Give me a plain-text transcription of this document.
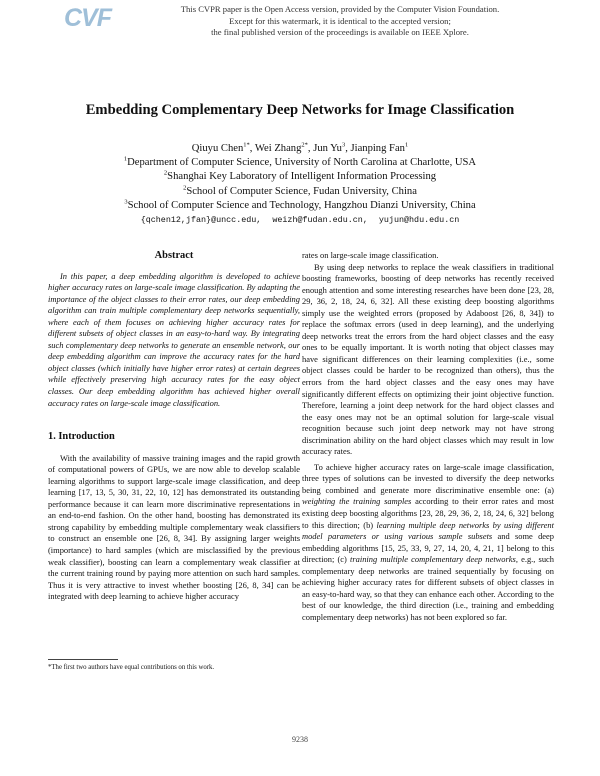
CVF	This CVPR paper is the Open Access version, provided by the Computer Vision Foundation.
Except for this watermark, it is identical to the accepted version;
the final published version of the proceedings is available on IEEE Xplore.
Embedding Complementary Deep Networks for Image Classification
Qiuyu Chen$^{1*}$, Wei Zhang$^{2*}$, Jun Yu$^3$, Jianping Fan$^1$
$^1$Department of Computer Science, University of North Carolina at Charlotte, USA
$^2$Shanghai Key Laboratory of Intelligent Information Processing
$^2$School of Computer Science, Fudan University, China
$^3$School of Computer Science and Technology, Hangzhou Dianzi University, China
{qchen12,jfan}@uncc.edu, weizh@fudan.edu.cn, yujun@hdu.edu.cn
Abstract

In this paper, a deep embedding algorithm is developed to achieve higher accuracy rates on large-scale image classification. By adapting the importance of the object classes to their error rates, our deep embedding algorithm can train multiple complementary deep networks sequentially, where each of them focuses on achieving higher accuracy rates for different subsets of object classes in an easy-to-hard way. By integrating such complementary deep networks to generate an ensemble network, our deep embedding algorithm can improve the accuracy rates for the hard object classes (which initially have higher error rates) at certain degrees while effectively preserving high accuracy rates for the easy object classes. Our deep embedding algorithm has achieved higher overall accuracy rates on large-scale image classification.

1. Introduction

With the availability of massive training images and the rapid growth of computational powers of GPUs, we are now able to develop scalable learning algorithms to support large-scale image classification, and deep learning [17, 13, 5, 30, 31, 22, 10, 12] has demonstrated its outstanding performance because it can learn more discriminative representations in an end-to-end fashion. On the other hand, boosting has demonstrated its strong capability by embedding multiple complementary weak classifiers to construct an ensemble one [26, 8, 34]. By assigning larger weights (importance) to hard samples (which are misclassified by the previous weak classifier), boosting can learn a complementary weak classifier at the current training round by paying more attention on such hard samples. Thus it is very attractive to invest whether boosting [26, 8, 34] can be integrated with deep learning to achieve higher accuracy

rates on large-scale image classification.

By using deep networks to replace the weak classifiers in traditional boosting frameworks, boosting of deep networks has recently received enough attention and some interesting researches have been done [23, 28, 29, 36, 2, 18, 24, 6, 32]. All these existing deep boosting algorithms simply use the weighted errors (proposed by Adaboost [26, 8, 34]) to replace the softmax errors (used in deep learning), and the underlying deep networks treat the errors from the hard object classes and the easy ones to be equally important. It is worth noting that object classes may have significant differences on their learning complexities (i.e., some object classes could be harder to be recognized than others), thus the errors from the hard object classes and the easy ones may have significantly different effects on optimizing their joint objective function. Therefore, learning a joint deep network for the hard object classes and the easy ones may not be an optimal solution for large-scale visual recognition because such joint deep network may not have strong discrimination ability on the hard object classes which may result in low accuracy rates.

To achieve higher accuracy rates on large-scale image classification, three types of solutions can be invested to diversify the deep networks being combined and generate more discriminative ensemble one: (a) weighting the training samples according to their error rates and most existing deep boosting algorithms [23, 28, 29, 36, 2, 18, 24, 6, 32] belong to this direction; (b) learning multiple deep networks by using different model parameters or using various sample subsets and some deep embedding algorithms [15, 25, 33, 9, 27, 14, 20, 4, 21, 1] belong to this direction; (c) training multiple complementary deep networks, e.g., such complementary deep networks are trained sequentially by focusing on achieving higher accuracy rates for different subsets of object classes in an easy-to-hard way, so that they can enhance each other. According to the best of our knowledge, the third direction (i.e., training and embedding complementary deep networks) has not been explored so far.

*The first two authors have equal contributions on this work.
9238
